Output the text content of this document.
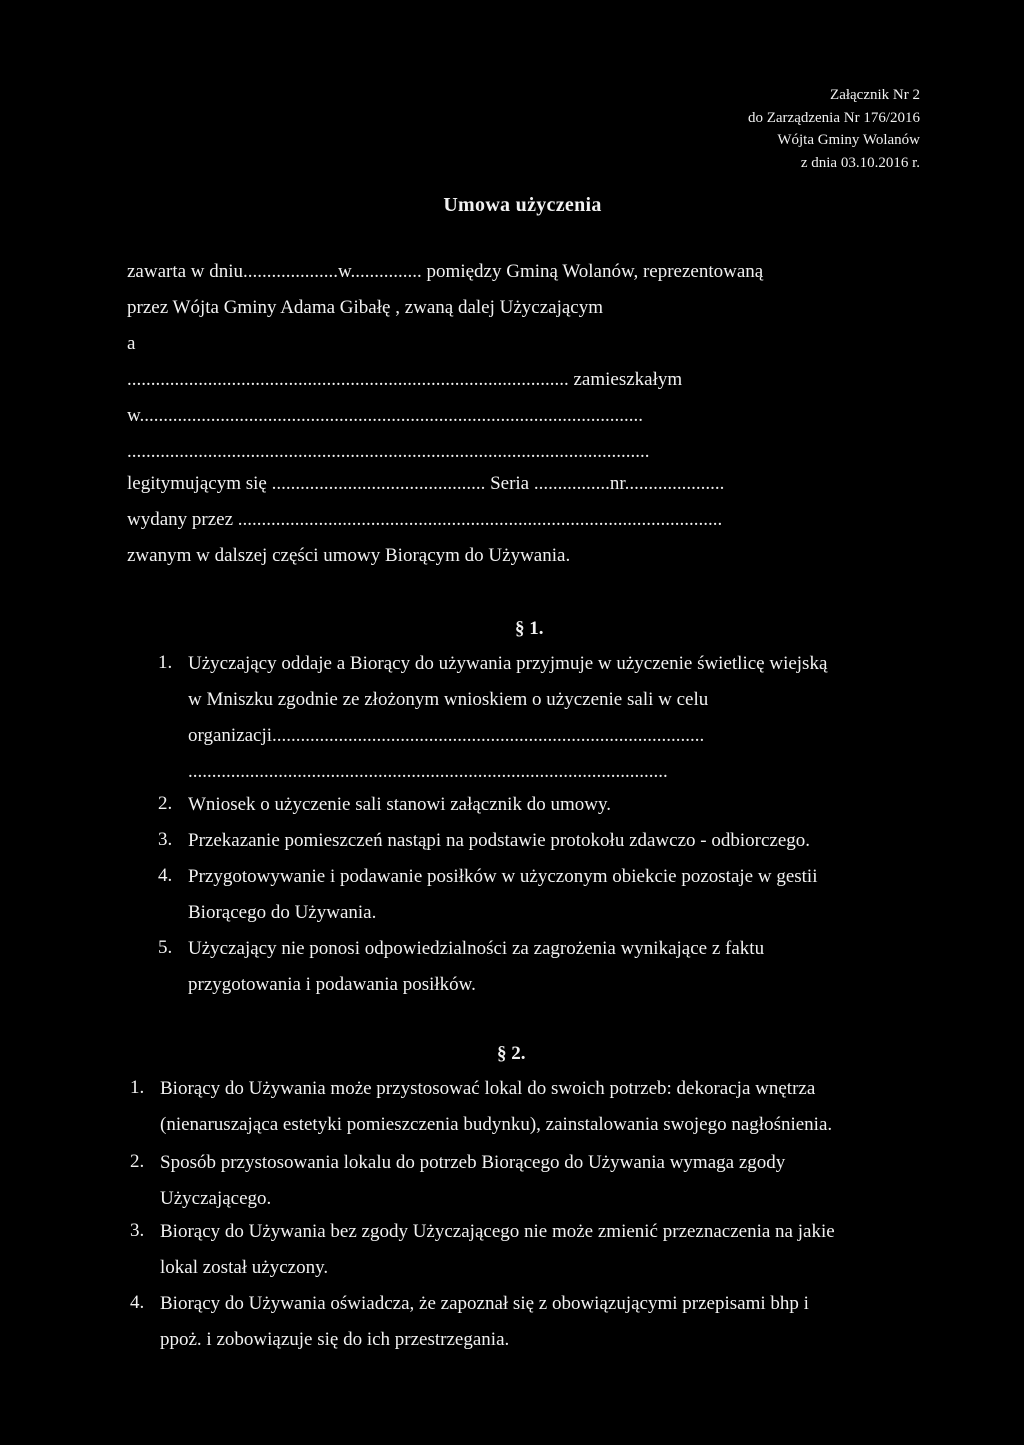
Załącznik Nr 2
do Zarządzenia Nr 176/2016
Wójta Gminy Wolanów
z dnia 03.10.2016 r.
Umowa użyczenia
zawarta w dniu....................w............... pomiędzy Gminą Wolanów, reprezentowaną
przez Wójta Gminy Adama Gibałę , zwaną dalej Użyczającym
a
............................................................................................. zamieszkałym
w..........................................................................................................
..............................................................................................................
legitymującym się ............................................. Seria ................nr.....................
wydany przez ......................................................................................................
zwanym w dalszej części umowy Biorącym do Używania.
§ 1.
1. Użyczający oddaje a Biorący do używania przyjmuje w użyczenie świetlicę wiejską
w Mniszku zgodnie ze złożonym wnioskiem o użyczenie sali w celu
organizacji...........................................................................................
.....................................................................................................
2. Wniosek o użyczenie sali stanowi załącznik do umowy.
3. Przekazanie pomieszczeń nastąpi na podstawie protokołu zdawczo - odbiorczego.
4. Przygotowywanie i podawanie posiłków w użyczonym obiekcie pozostaje w gestii
Biorącego do Używania.
5. Użyczający nie ponosi odpowiedzialności za zagrożenia wynikające z faktu
przygotowania i podawania posiłków.
§ 2.
1. Biorący do Używania może przystosować lokal do swoich potrzeb: dekoracja wnętrza
(nienaruszająca estetyki pomieszczenia budynku), zainstalowania swojego nagłośnienia.
2. Sposób przystosowania lokalu do potrzeb Biorącego do Używania wymaga zgody
Użyczającego.
3. Biorący do Używania bez zgody Użyczającego nie może zmienić przeznaczenia na jakie
lokal został użyczony.
4. Biorący do Używania oświadcza, że zapoznał się z obowiązującymi przepisami bhp i
ppoż. i zobowiązuje się do ich przestrzegania.
